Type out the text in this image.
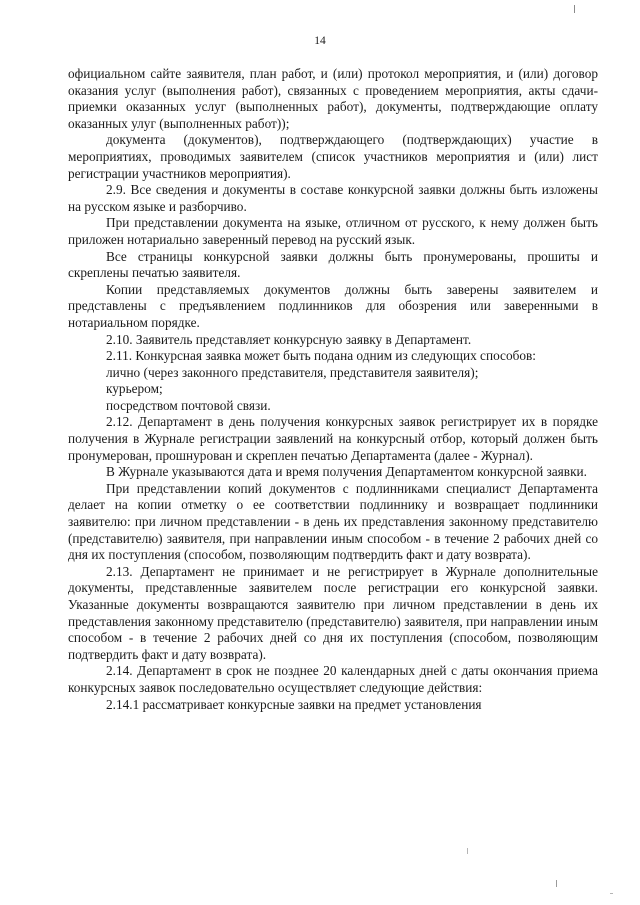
14

официальном сайте заявителя, план работ, и (или) протокол мероприятия, и (или) договор оказания услуг (выполнения работ), связанных с проведением мероприятия, акты сдачи-приемки оказанных услуг (выполненных работ), документы, подтверждающие оплату оказанных улуг (выполненных работ));

документа (документов), подтверждающего (подтверждающих) участие в мероприятиях, проводимых заявителем (список участников мероприятия и (или) лист регистрации участников мероприятия).

2.9. Все сведения и документы в составе конкурсной заявки должны быть изложены на русском языке и разборчиво.

При представлении документа на языке, отличном от русского, к нему должен быть приложен нотариально заверенный перевод на русский язык.

Все страницы конкурсной заявки должны быть пронумерованы, прошиты и скреплены печатью заявителя.

Копии представляемых документов должны быть заверены заявителем и представлены с предъявлением подлинников для обозрения или заверенными в нотариальном порядке.

2.10. Заявитель представляет конкурсную заявку в Департамент.

2.11. Конкурсная заявка может быть подана одним из следующих способов:

лично (через законного представителя, представителя заявителя);

курьером;

посредством почтовой связи.

2.12. Департамент в день получения конкурсных заявок регистрирует их в порядке получения в Журнале регистрации заявлений на конкурсный отбор, который должен быть пронумерован, прошнурован и скреплен печатью Департамента (далее - Журнал).

В Журнале указываются дата и время получения Департаментом конкурсной заявки.

При представлении копий документов с подлинниками специалист Департамента делает на копии отметку о ее соответствии подлиннику и возвращает подлинники заявителю: при личном представлении - в день их представления законному представителю (представителю) заявителя, при направлении иным способом - в течение 2 рабочих дней со дня их поступления (способом, позволяющим подтвердить факт и дату возврата).

2.13. Департамент не принимает и не регистрирует в Журнале дополнительные документы, представленные заявителем после регистрации его конкурсной заявки. Указанные документы возвращаются заявителю при личном представлении в день их представления законному представителю (представителю) заявителя, при направлении иным способом - в течение 2 рабочих дней со дня их поступления (способом, позволяющим подтвердить факт и дату возврата).

2.14. Департамент в срок не позднее 20 календарных дней с даты окончания приема конкурсных заявок последовательно осуществляет следующие действия:

2.14.1 рассматривает конкурсные заявки на предмет установления
